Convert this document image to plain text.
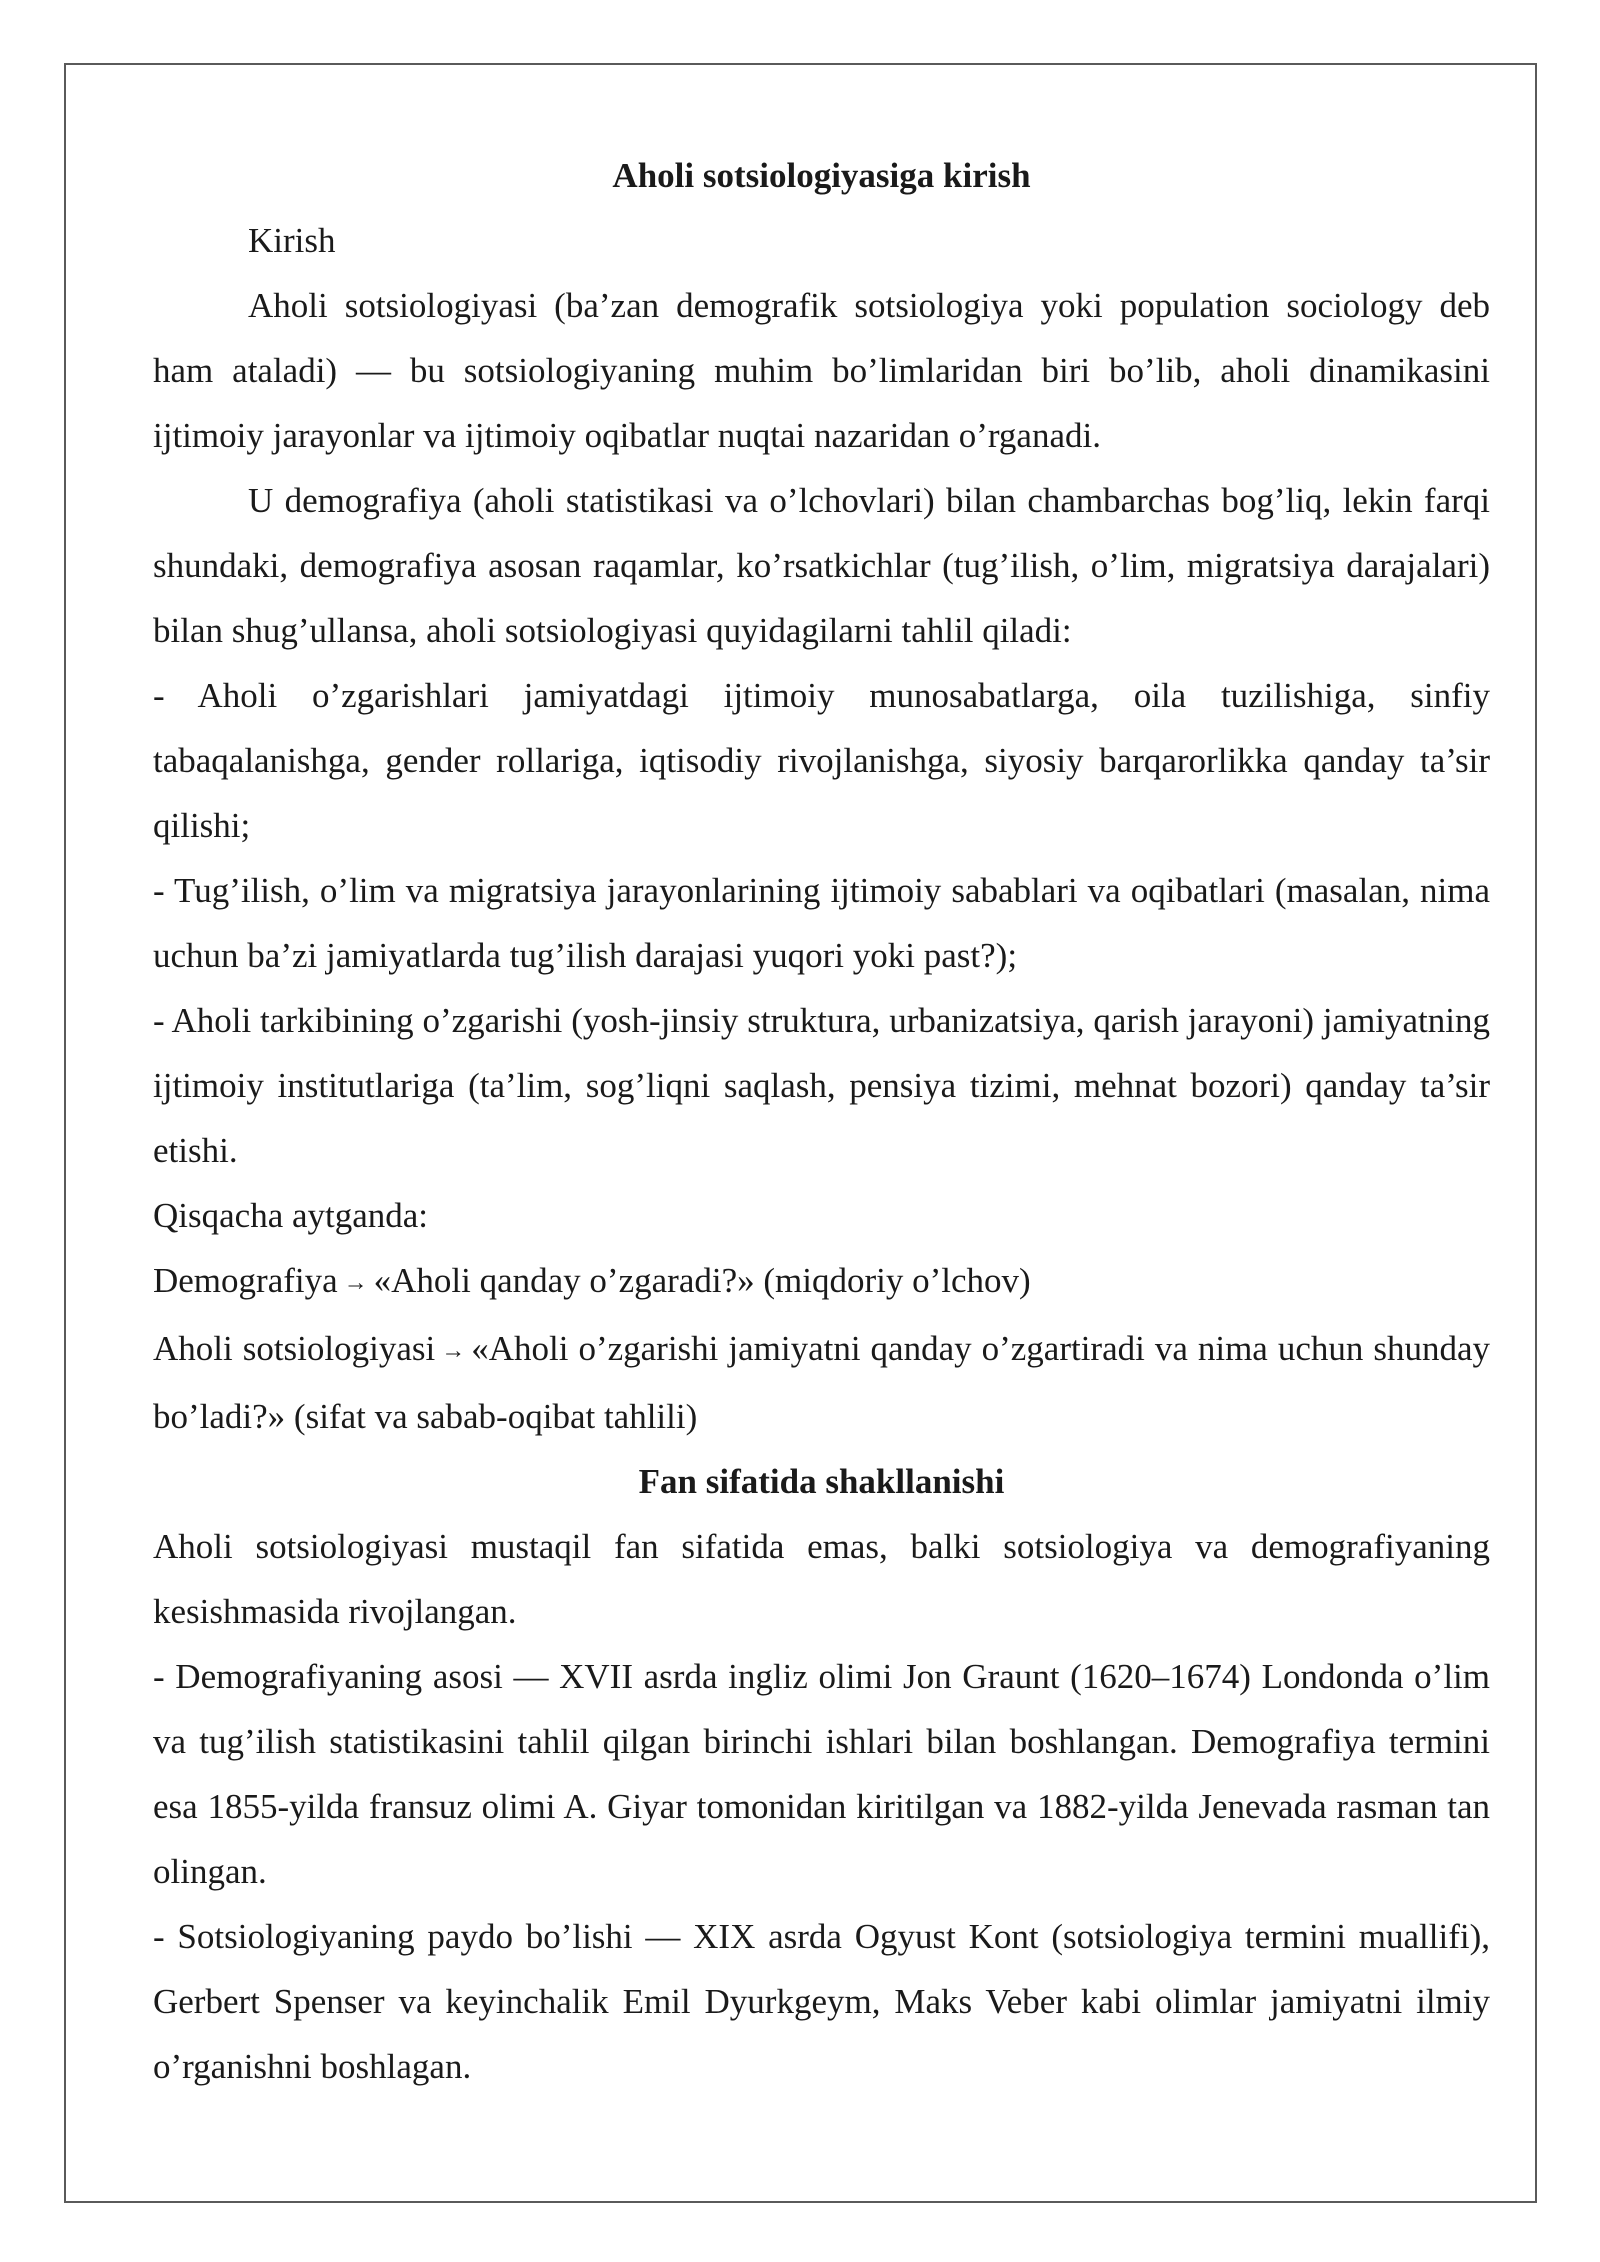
Aholi sotsiologiyasiga kirish

Kirish

Aholi sotsiologiyasi (ba’zan demografik sotsiologiya yoki population sociology deb ham ataladi) — bu sotsiologiyaning muhim bo’limlaridan biri bo’lib, aholi dinamikasini ijtimoiy jarayonlar va ijtimoiy oqibatlar nuqtai nazaridan o’rganadi.

U demografiya (aholi statistikasi va o’lchovlari) bilan chambarchas bog’liq, lekin farqi shundaki, demografiya asosan raqamlar, ko’rsatkichlar (tug’ilish, o’lim, migratsiya darajalari) bilan shug’ullansa, aholi sotsiologiyasi quyidagilarni tahlil qiladi:

- Aholi o’zgarishlari jamiyatdagi ijtimoiy munosabatlarga, oila tuzilishiga, sinfiy tabaqalanishga, gender rollariga, iqtisodiy rivojlanishga, siyosiy barqarorlikka qanday ta’sir qilishi;

- Tug’ilish, o’lim va migratsiya jarayonlarining ijtimoiy sabablari va oqibatlari (masalan, nima uchun ba’zi jamiyatlarda tug’ilish darajasi yuqori yoki past?);

- Aholi tarkibining o’zgarishi (yosh-jinsiy struktura, urbanizatsiya, qarish jarayoni) jamiyatning ijtimoiy institutlariga (ta’lim, sog’liqni saqlash, pensiya tizimi, mehnat bozori) qanday ta’sir etishi.

Qisqacha aytganda:

Demografiya → «Aholi qanday o’zgaradi?» (miqdoriy o’lchov)

Aholi sotsiologiyasi → «Aholi o’zgarishi jamiyatni qanday o’zgartiradi va nima uchun shunday bo’ladi?» (sifat va sabab-oqibat tahlili)

Fan sifatida shakllanishi

Aholi sotsiologiyasi mustaqil fan sifatida emas, balki sotsiologiya va demografiyaning kesishmasida rivojlangan.

- Demografiyaning asosi — XVII asrda ingliz olimi Jon Graunt (1620–1674) Londonda o’lim va tug’ilish statistikasini tahlil qilgan birinchi ishlari bilan boshlangan. Demografiya termini esa 1855-yilda fransuz olimi A. Giyar tomonidan kiritilgan va 1882-yilda Jenevada rasman tan olingan.

- Sotsiologiyaning paydo bo’lishi — XIX asrda Ogyust Kont (sotsiologiya termini muallifi), Gerbert Spenser va keyinchalik Emil Dyurkgeym, Maks Veber kabi olimlar jamiyatni ilmiy o’rganishni boshlagan.
